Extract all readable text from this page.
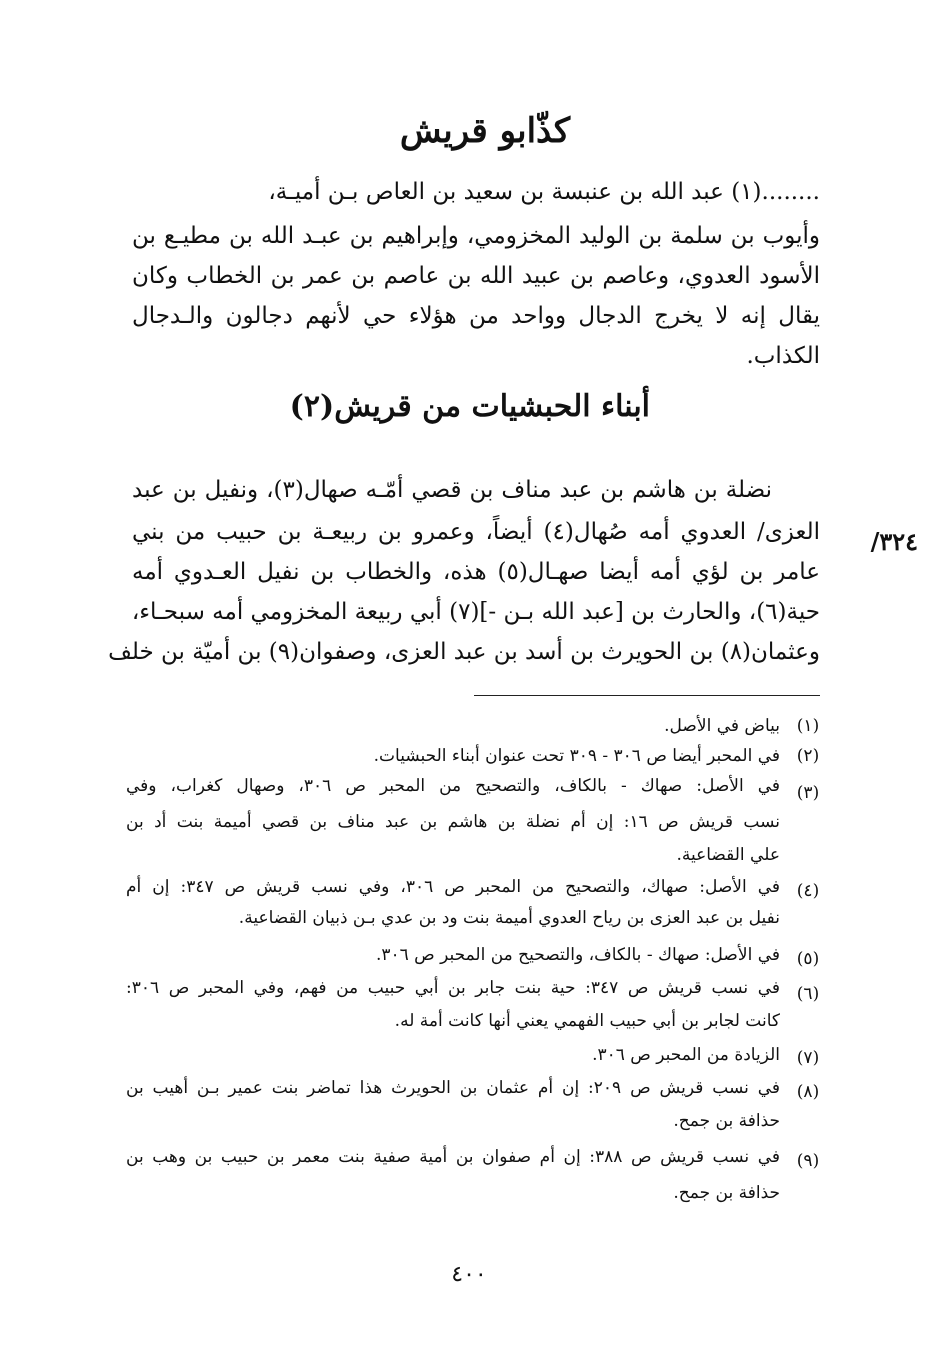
كذّابو قريش
........(١) عبد الله بن عنبسة بن سعيد بن العاص بـن أميـة،
وأيوب بن سلمة بن الوليد المخزومي، وإبراهيم بن عبـد الله بن مطيـع بن
الأسود العدوي، وعاصم بن عبيد الله بن عاصم بن عمر بن الخطاب وكان
يقال إنه لا يخرج الدجال وواحد من هؤلاء حي لأنهم دجالون والـدجال
الكذاب.
أبناء الحبشيات من قريش(٢)
نضلة بن هاشم بن عبد مناف بن قصي أمّـه صهال(٣)، ونفيل بن عبد
العزى/ العدوي أمه صُهال(٤) أيضاً، وعمرو بن ربيعـة بن حبيب من بني
عامر بن لؤي أمه أيضا صهـال(٥) هذه، والخطاب بن نفيل العـدوي أمه
حية(٦)، والحارث بن [عبد الله بـن -](٧) أبي ربيعة المخزومي أمه سبحـاء،
وعثمان(٨) بن الحويرث بن أسد بن عبد العزى، وصفوان(٩) بن أميّة بن خلف
٣٢٤/
(١)
بياض في الأصل.
(٢)
في المحبر أيضا ص ٣٠٦ - ٣٠٩ تحت عنوان أبناء الحبشيات.
(٣)
في الأصل: صهاك - بالكاف، والتصحيح من المحبر ص ٣٠٦، وصهال كغراب، وفي
نسب قريش ص ١٦: إن أم نضلة بن هاشم بن عبد مناف بن قصي أميمة بنت أد بن
علي القضاعية.
(٤)
في الأصل: صهاك، والتصحيح من المحبر ص ٣٠٦، وفي نسب قريش ص ٣٤٧: إن أم
نفيل بن عبد العزى بن رياح العدوي أميمة بنت ود بن عدي بـن ذبيان القضاعية.
(٥)
في الأصل: صهاك - بالكاف، والتصحيح من المحبر ص ٣٠٦.
(٦)
في نسب قريش ص ٣٤٧: حية بنت جابر بن أبي حبيب من فهم، وفي المحبر ص ٣٠٦:
كانت لجابر بن أبي حبيب الفهمي يعني أنها كانت أمة له.
(٧)
الزيادة من المحبر ص ٣٠٦.
(٨)
في نسب قريش ص ٢٠٩: إن أم عثمان بن الحويرث هذا تماضر بنت عمير بـن أهيب بن
حذافة بن جمح.
(٩)
في نسب قريش ص ٣٨٨: إن أم صفوان بن أمية صفية بنت معمر بن حبيب بن وهب بن
حذافة بن جمح.
٤٠٠
